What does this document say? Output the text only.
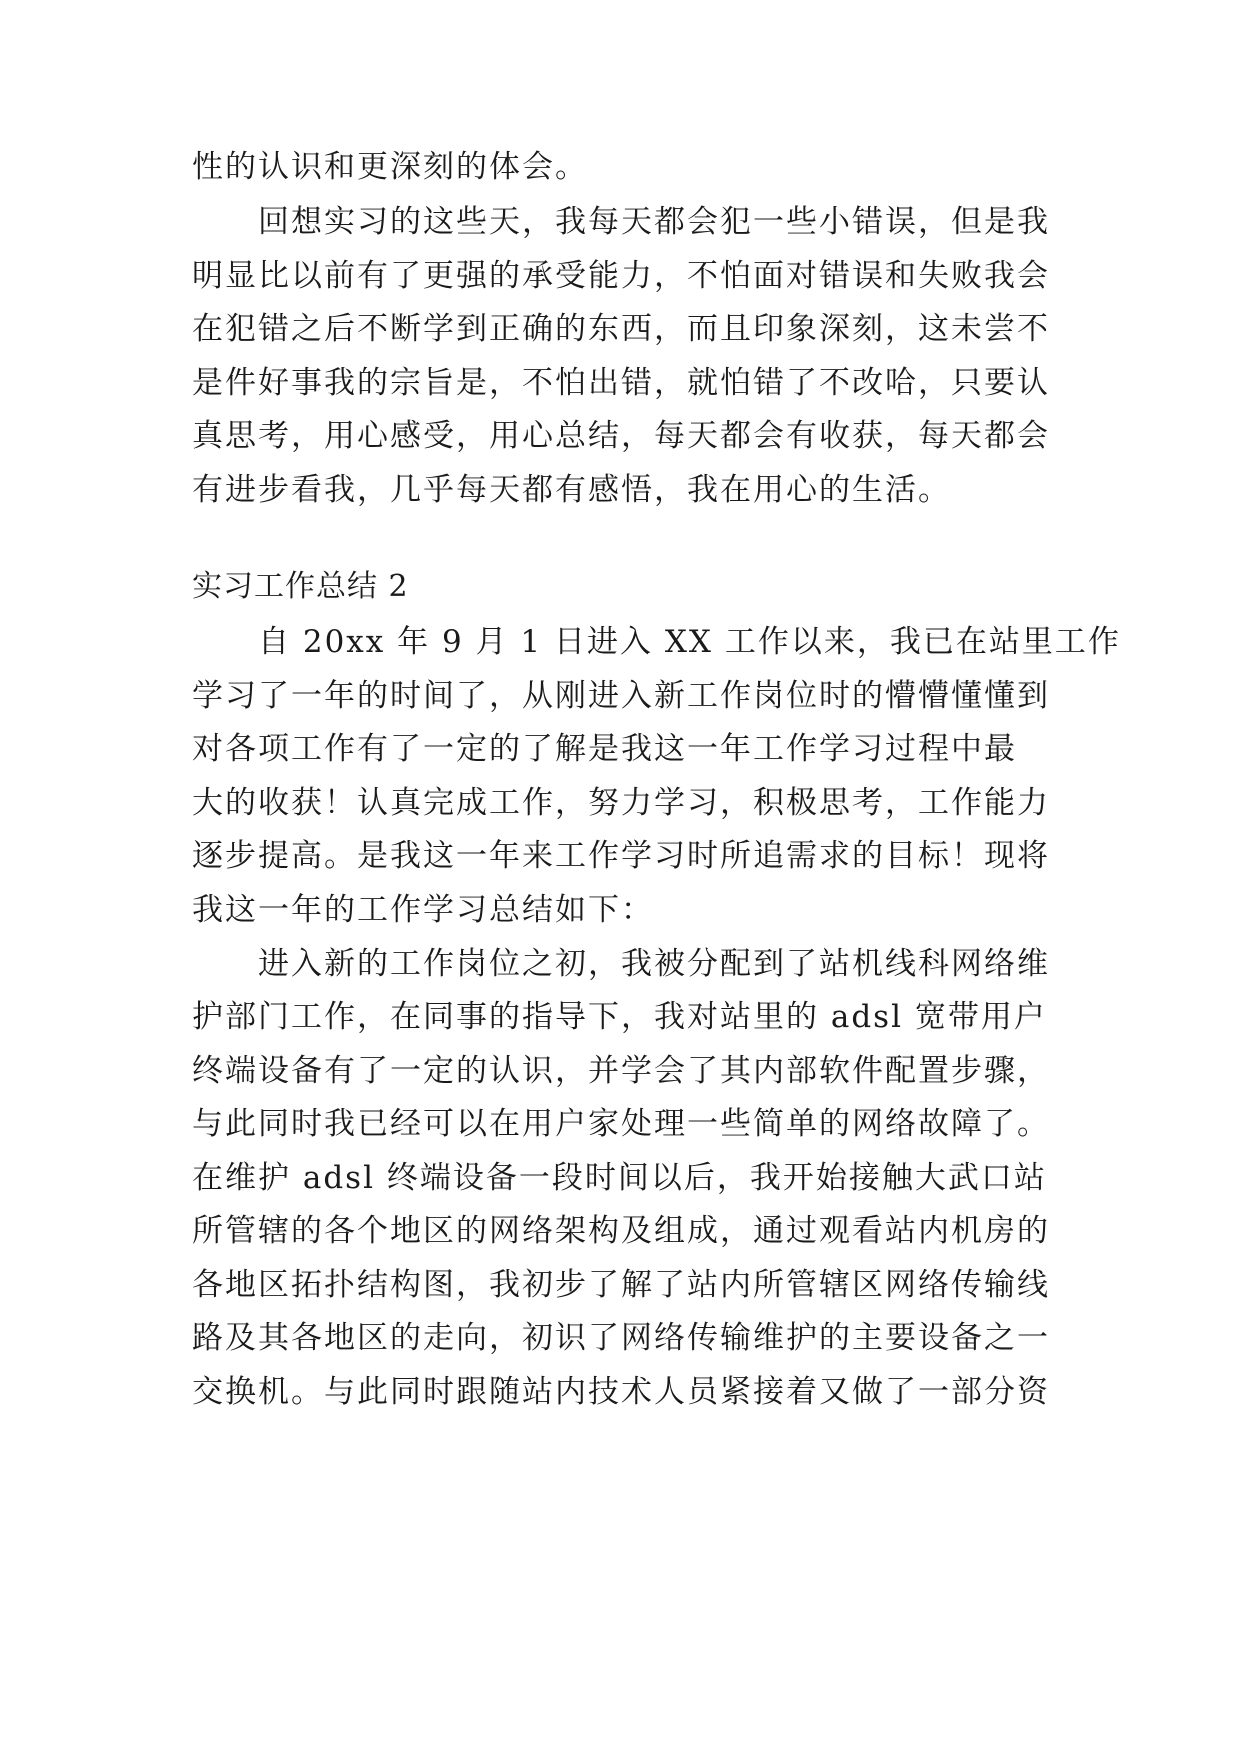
性的认识和更深刻的体会。
回想实习的这些天，我每天都会犯一些小错误，但是我
明显比以前有了更强的承受能力，不怕面对错误和失败我会
在犯错之后不断学到正确的东西，而且印象深刻，这未尝不
是件好事我的宗旨是，不怕出错，就怕错了不改哈，只要认
真思考，用心感受，用心总结，每天都会有收获，每天都会
有进步看我，几乎每天都有感悟，我在用心的生活。
实习工作总结 2
自 20xx 年 9 月 1 日进入 XX 工作以来，我已在站里工作
学习了一年的时间了，从刚进入新工作岗位时的懵懵懂懂到
对各项工作有了一定的了解是我这一年工作学习过程中最
大的收获！认真完成工作，努力学习，积极思考，工作能力
逐步提高。是我这一年来工作学习时所追需求的目标！现将
我这一年的工作学习总结如下：
进入新的工作岗位之初，我被分配到了站机线科网络维
护部门工作，在同事的指导下，我对站里的 adsl 宽带用户
终端设备有了一定的认识，并学会了其内部软件配置步骤，
与此同时我已经可以在用户家处理一些简单的网络故障了。
在维护 adsl 终端设备一段时间以后，我开始接触大武口站
所管辖的各个地区的网络架构及组成，通过观看站内机房的
各地区拓扑结构图，我初步了解了站内所管辖区网络传输线
路及其各地区的走向，初识了网络传输维护的主要设备之一
交换机。与此同时跟随站内技术人员紧接着又做了一部分资
